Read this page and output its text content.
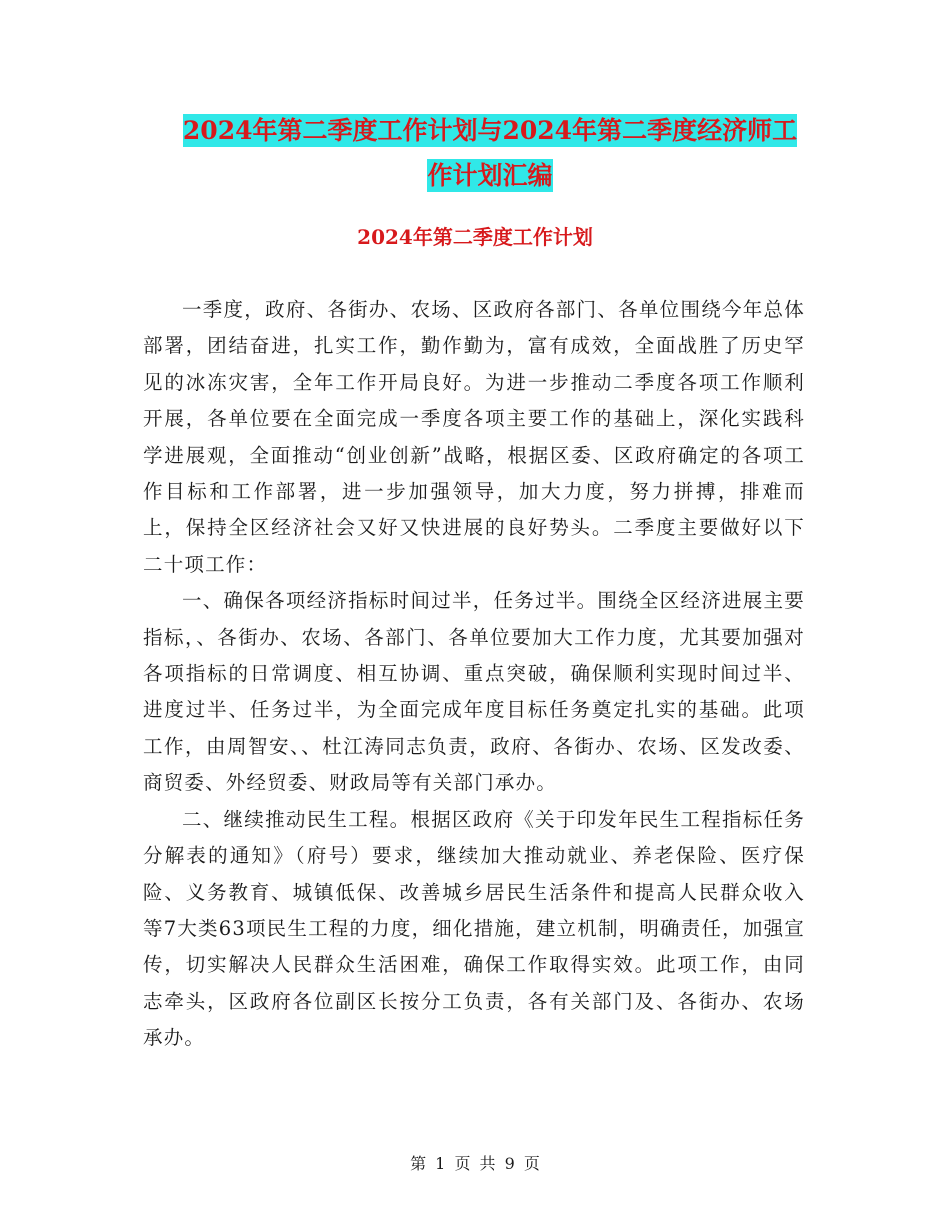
2024年第二季度工作计划与2024年第二季度经济师工
作计划汇编
2024年第二季度工作计划

一季度，政府、各街办、农场、区政府各部门、各单位围绕今年总体部署，团结奋进，扎实工作，勤作勤为，富有成效，全面战胜了历史罕见的冰冻灾害，全年工作开局良好。为进一步推动二季度各项工作顺利开展，各单位要在全面完成一季度各项主要工作的基础上，深化实践科学进展观，全面推动“创业创新”战略，根据区委、区政府确定的各项工作目标和工作部署，进一步加强领导，加大力度，努力拼搏，排难而上，保持全区经济社会又好又快进展的良好势头。二季度主要做好以下二十项工作：

一、确保各项经济指标时间过半，任务过半。围绕全区经济进展主要指标，、各街办、农场、各部门、各单位要加大工作力度，尤其要加强对各项指标的日常调度、相互协调、重点突破，确保顺利实现时间过半、进度过半、任务过半，为全面完成年度目标任务奠定扎实的基础。此项工作，由周智安、、杜江涛同志负责，政府、各街办、农场、区发改委、商贸委、外经贸委、财政局等有关部门承办。

二、继续推动民生工程。根据区政府《关于印发年民生工程指标任务分解表的通知》（府号）要求，继续加大推动就业、养老保险、医疗保险、义务教育、城镇低保、改善城乡居民生活条件和提高人民群众收入等7大类63项民生工程的力度，细化措施，建立机制，明确责任，加强宣传，切实解决人民群众生活困难，确保工作取得实效。此项工作，由同志牵头，区政府各位副区长按分工负责，各有关部门及、各街办、农场承办。

第 1 页 共 9 页
